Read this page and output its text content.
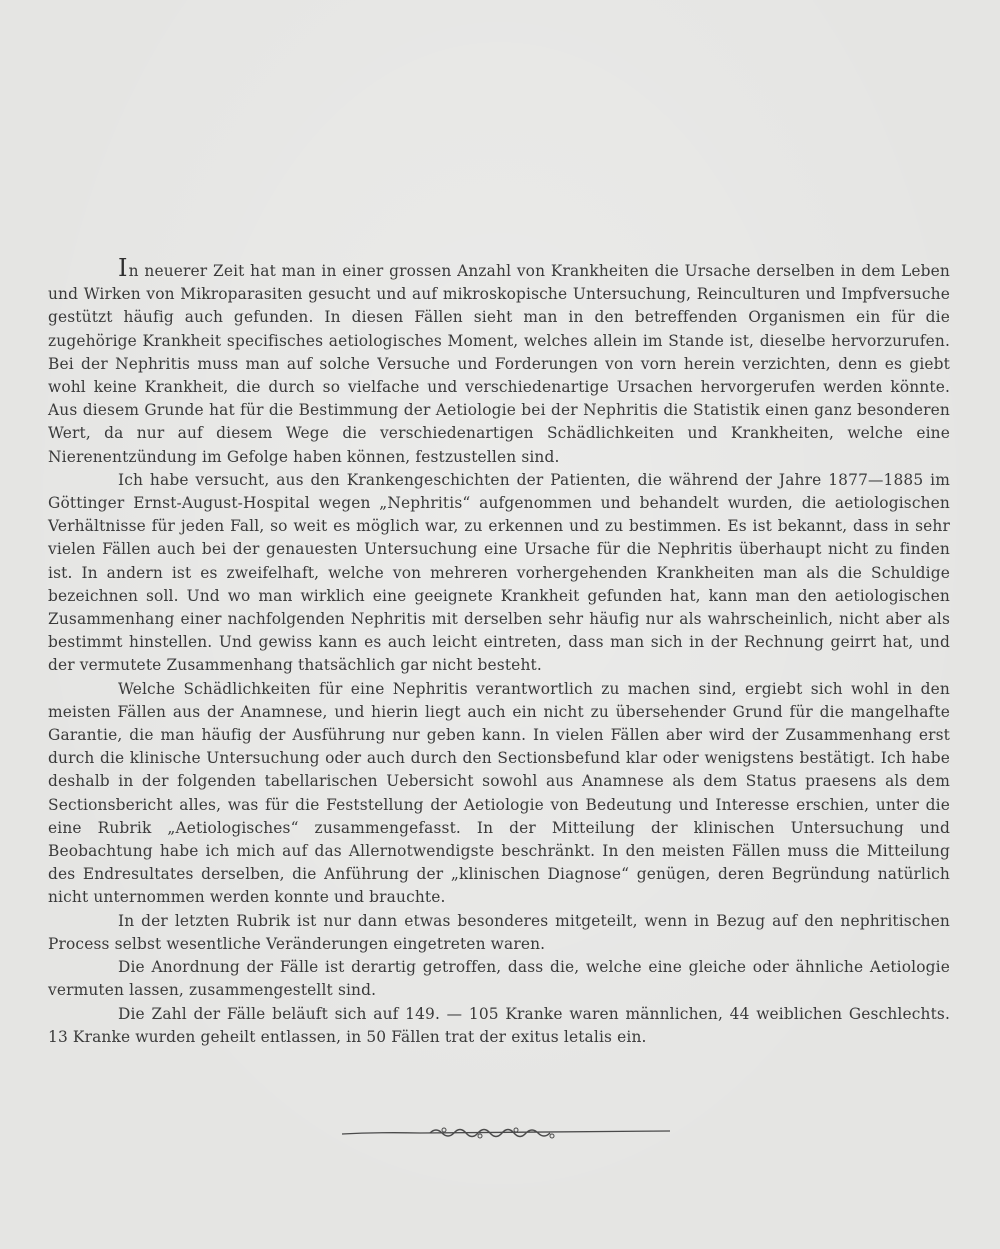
In neuerer Zeit hat man in einer grossen Anzahl von Krankheiten die Ursache derselben in dem Leben und Wirken von Mikroparasiten gesucht und auf mikroskopische Untersuchung, Reinculturen und Impfversuche gestützt häufig auch gefunden. In diesen Fällen sieht man in den betreffenden Organismen ein für die zugehörige Krankheit specifisches aetiologisches Moment, welches allein im Stande ist, dieselbe hervorzurufen. Bei der Nephritis muss man auf solche Versuche und Forderungen von vorn herein verzichten, denn es giebt wohl keine Krankheit, die durch so vielfache und verschiedenartige Ursachen hervorgerufen werden könnte. Aus diesem Grunde hat für die Bestimmung der Aetiologie bei der Nephritis die Statistik einen ganz besonderen Wert, da nur auf diesem Wege die verschiedenartigen Schädlichkeiten und Krankheiten, welche eine Nierenentzündung im Gefolge haben können, festzustellen sind.

Ich habe versucht, aus den Krankengeschichten der Patienten, die während der Jahre 1877—1885 im Göttinger Ernst-August-Hospital wegen „Nephritis“ aufgenommen und behandelt wurden, die aetiologischen Verhältnisse für jeden Fall, so weit es möglich war, zu erkennen und zu bestimmen. Es ist bekannt, dass in sehr vielen Fällen auch bei der genauesten Untersuchung eine Ursache für die Nephritis überhaupt nicht zu finden ist. In andern ist es zweifelhaft, welche von mehreren vorhergehenden Krankheiten man als die Schuldige bezeichnen soll. Und wo man wirklich eine geeignete Krankheit gefunden hat, kann man den aetiologischen Zusammenhang einer nachfolgenden Nephritis mit derselben sehr häufig nur als wahrscheinlich, nicht aber als bestimmt hinstellen. Und gewiss kann es auch leicht eintreten, dass man sich in der Rechnung geirrt hat, und der vermutete Zusammenhang thatsächlich gar nicht besteht.

Welche Schädlichkeiten für eine Nephritis verantwortlich zu machen sind, ergiebt sich wohl in den meisten Fällen aus der Anamnese, und hierin liegt auch ein nicht zu übersehender Grund für die mangelhafte Garantie, die man häufig der Ausführung nur geben kann. In vielen Fällen aber wird der Zusammenhang erst durch die klinische Untersuchung oder auch durch den Sectionsbefund klar oder wenigstens bestätigt. Ich habe deshalb in der folgenden tabellarischen Uebersicht sowohl aus Anamnese als dem Status praesens als dem Sectionsbericht alles, was für die Feststellung der Aetiologie von Bedeutung und Interesse erschien, unter die eine Rubrik „Aetiologisches“ zusammengefasst. In der Mitteilung der klinischen Untersuchung und Beobachtung habe ich mich auf das Allernotwendigste beschränkt. In den meisten Fällen muss die Mitteilung des Endresultates derselben, die Anführung der „klinischen Diagnose“ genügen, deren Begründung natürlich nicht unternommen werden konnte und brauchte.

In der letzten Rubrik ist nur dann etwas besonderes mitgeteilt, wenn in Bezug auf den nephritischen Process selbst wesentliche Veränderungen eingetreten waren.

Die Anordnung der Fälle ist derartig getroffen, dass die, welche eine gleiche oder ähnliche Aetiologie vermuten lassen, zusammengestellt sind.

Die Zahl der Fälle beläuft sich auf 149. — 105 Kranke waren männlichen, 44 weiblichen Geschlechts. 13 Kranke wurden geheilt entlassen, in 50 Fällen trat der exitus letalis ein.
